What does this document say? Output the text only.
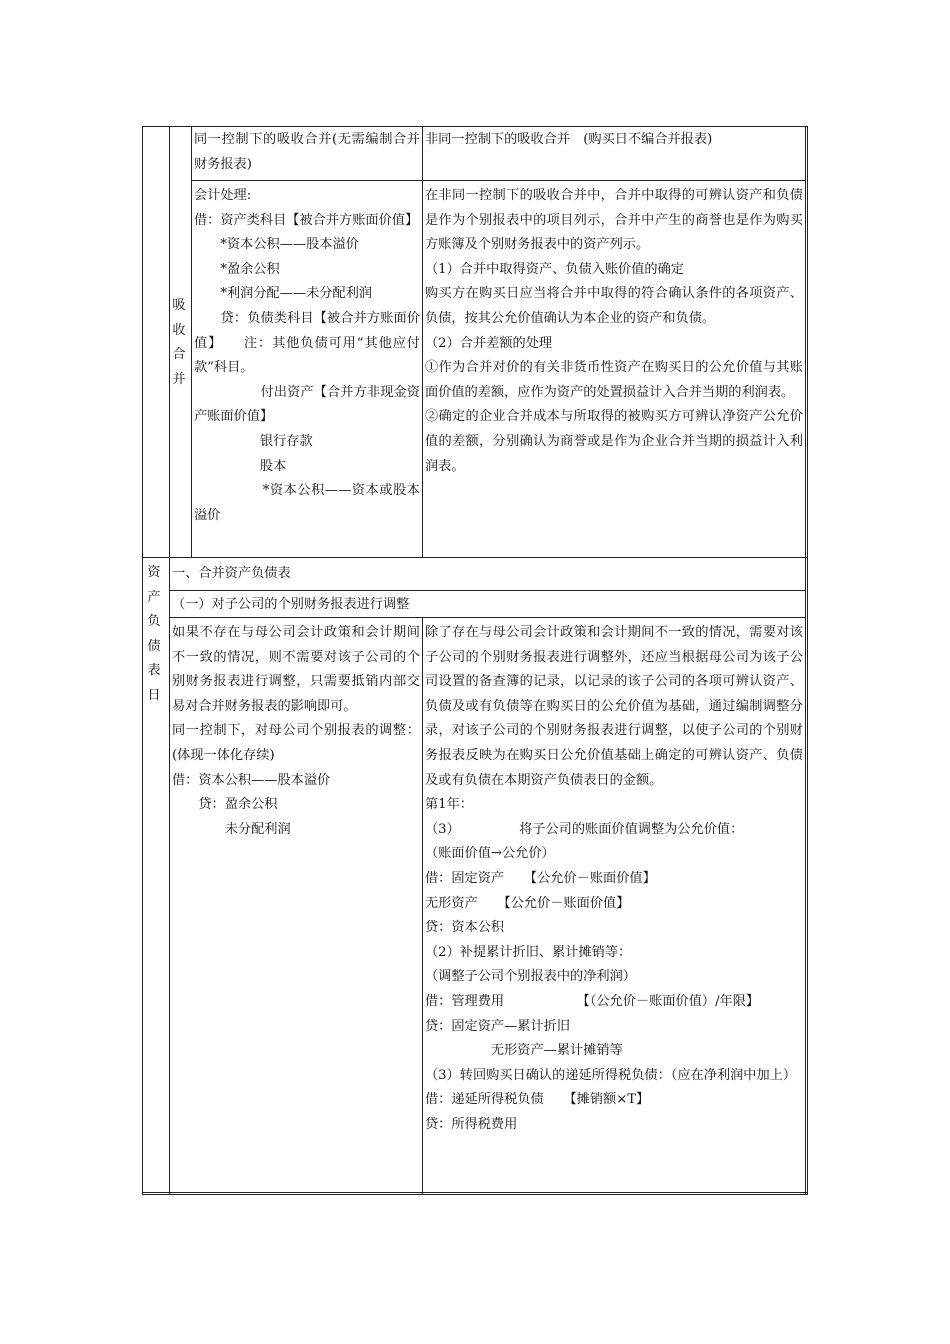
吸
收
合
并
同一控制下的吸收合并(无需编制合并财务报表)
非同一控制下的吸收合并　(购买日不编合并报表)
会计处理:
借：资产类科目【被合并方账面价值】
　　*资本公积——股本溢价
　　*盈余公积
　　*利润分配——未分配利润
　　贷：负债类科目【被合并方账面价值】　　注：其他负债可用“其他应付款”科目。
　　　　　付出资产【合并方非现金资产账面价值】
　　　　　银行存款
　　　　　股本
　　　　　*资本公积——资本或股本溢价
在非同一控制下的吸收合并中，合并中取得的可辨认资产和负债是作为个别报表中的项目列示，合并中产生的商誉也是作为购买方账簿及个别财务报表中的资产列示。
（1）合并中取得资产、负债入账价值的确定
购买方在购买日应当将合并中取得的符合确认条件的各项资产、负债，按其公允价值确认为本企业的资产和负债。
（2）合并差额的处理
①作为合并对价的有关非货币性资产在购买日的公允价值与其账面价值的差额，应作为资产的处置损益计入合并当期的利润表。
②确定的企业合并成本与所取得的被购买方可辨认净资产公允价值的差额，分别确认为商誉或是作为企业合并当期的损益计入利润表。
资
产
负
债
表
日
一、合并资产负债表
（一）对子公司的个别财务报表进行调整
如果不存在与母公司会计政策和会计期间不一致的情况，则不需要对该子公司的个别财务报表进行调整，只需要抵销内部交易对合并财务报表的影响即可。
同一控制下，对母公司个别报表的调整：(体现一体化存续)
借：资本公积——股本溢价
　　贷：盈余公积
　　　　未分配利润
除了存在与母公司会计政策和会计期间不一致的情况，需要对该子公司的个别财务报表进行调整外，还应当根据母公司为该子公司设置的备查簿的记录，以记录的该子公司的各项可辨认资产、负债及或有负债等在购买日的公允价值为基础，通过编制调整分录，对该子公司的个别财务报表进行调整，以使子公司的个别财务报表反映为在购买日公允价值基础上确定的可辨认资产、负债及或有负债在本期资产负债表日的金额。
第1年：
（3）　　　　　将子公司的账面价值调整为公允价值：
（账面价值→公允价）
借：固定资产　　【公允价－账面价值】
无形资产　　【公允价－账面价值】
贷：资本公积
（2）补提累计折旧、累计摊销等：
（调整子公司个别报表中的净利润）
借：管理费用　　　　　　【（公允价－账面价值）/年限】
贷：固定资产—累计折旧
　　　　　无形资产—累计摊销等
（3）转回购买日确认的递延所得税负债：（应在净利润中加上）
借：递延所得税负债　　【摊销额×T】
贷：所得税费用
